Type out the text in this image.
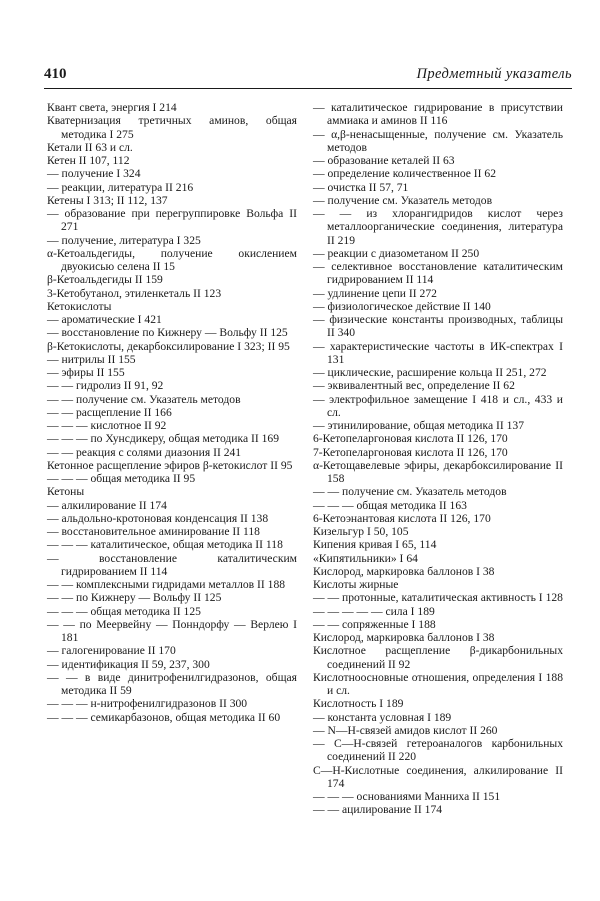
410	Предметный указатель
Квант света, энергия I 214
Кватернизация третичных аминов, общая методика I 275
Кетали II 63 и сл.
Кетен II 107, 112
— получение I 324
— реакции, литература II 216
Кетены I 313; II 112, 137
— образование при перегруппировке Вольфа II 271
— получение, литература I 325
α-Кетоальдегиды, получение окислением двуокисью селена II 15
β-Кетоальдегиды II 159
3-Кетобутанол, этиленкеталь II 123
Кетокислоты
— ароматические I 421
— восстановление по Кижнеру — Вольфу II 125
β-Кетокислоты, декарбоксилирование I 323; II 95
— нитрилы II 155
— эфиры II 155
— — гидролиз II 91, 92
— — получение см. Указатель методов
— — расщепление II 166
— — — кислотное II 92
— — — по Хунсдикеру, общая методика II 169
— — реакция с солями диазония II 241
Кетонное расщепление эфиров β-кетокислот II 95
— — — общая методика II 95
Кетоны
— алкилирование II 174
— альдольно-кротоновая конденсация II 138
— восстановительное аминирование II 118
— — — каталитическое, общая методика II 118
— восстановление каталитическим гидрированием II 114
— — комплексными гидридами металлов II 188
— — по Кижнеру — Вольфу II 125
— — — общая методика II 125
— — по Меервейну — Понндорфу — Верлею I 181
— галогенирование II 170
— идентификация II 59, 237, 300
— — в виде динитрофенилгидразонов, общая методика II 59
— — — н-нитрофенилгидразонов II 300
— — — семикарбазонов, общая методика II 60
— каталитическое гидрирование в присутствии аммиака и аминов II 116
— α,β-ненасыщенные, получение см. Указатель методов
— образование кеталей II 63
— определение количественное II 62
— очистка II 57, 71
— получение см. Указатель методов
— — из хлорангидридов кислот через металлоорганические соединения, литература II 219
— реакции с диазометаном II 250
— селективное восстановление каталитическим гидрированием II 114
— удлинение цепи II 272
— физиологическое действие II 140
— физические константы производных, таблицы II 340
— характеристические частоты в ИК-спектрах I 131
— циклические, расширение кольца II 251, 272
— эквивалентный вес, определение II 62
— электрофильное замещение I 418 и сл., 433 и сл.
— этинилирование, общая методика II 137
6-Кетопеларгоновая кислота II 126, 170
7-Кетопеларгоновая кислота II 126, 170
α-Кетощавелевые эфиры, декарбоксилирование II 158
— — получение см. Указатель методов
— — — общая методика II 163
6-Кетоэнантовая кислота II 126, 170
Кизельгур I 50, 105
Кипения кривая I 65, 114
«Кипятильники» I 64
Кислород, маркировка баллонов I 38
Кислоты жирные
— — протонные, каталитическая активность I 128
— — — — — сила I 189
— — сопряженные I 188
Кислород, маркировка баллонов I 38
Кислотное расщепление β-дикарбонильных соединений II 92
Кислотноосновные отношения, определения I 188 и сл.
Кислотность I 189
— константа условная I 189
— N—H-связей амидов кислот II 260
— C—H-связей гетероаналогов карбонильных соединений II 220
C—H-Кислотные соединения, алкилирование II 174
— — — основаниями Манниха II 151
— — ацилирование II 174
